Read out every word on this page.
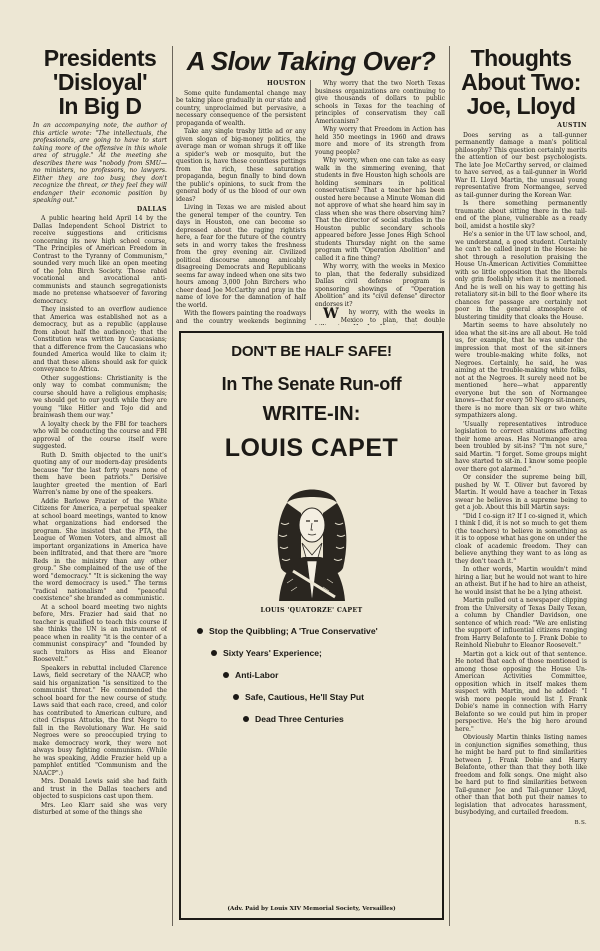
Presidents
'Disloyal'
In Big D
A Slow Taking Over?	Thoughts
About Two:
Joe, Lloyd

In an accompanying note, the author of this article wrote: "The intellectuals, the professionals, are going to have to start taking more of the offensive in this whole area of struggle." At the meeting she describes there was "nobody from SMU—no ministers, no professors, no lawyers. Either they are too busy, they don't recognize the threat, or they feel they will endanger their economic position by speaking out."

DALLAS

A public hearing held April 14 by the Dallas Independent School District to receive suggestions and criticisms concerning its new high school course, "The Principles of American Freedom in Contrast to the Tyranny of Communism," sounded very much like an open meeting of the John Birch Society. Those rabid vocational and avocational anti-communists and staunch segregationists made no pretense whatsoever of favoring democracy.

They insisted to an overflow audience that America was established not as a democracy, but as a republic (applause from about half the audience); that the Constitution was written by Caucasians; that a difference from the Caucasians who founded America would like to claim it; and that these aliens should ask for quick conveyance to Africa.

Other suggestions: Christianity is the only way to combat communism; the course should have a religious emphasis; we should get to our youth while they are young "like Hitler and Tojo did and brainwash them our way."

A loyalty check by the FBI for teachers who will be conducting the course and FBI approval of the course itself were suggested.

Ruth D. Smith objected to the unit's quoting any of our modern-day presidents because "for the last forty years none of them have been patriots." Derisive laughter greeted the mention of Earl Warren's name by one of the speakers.

Addie Barlowe Frazier of the White Citizens for America, a perpetual speaker at school board meetings, wanted to know what organizations had endorsed the program. She insisted that the PTA, the League of Women Voters, and almost all important organizations in America have been infiltrated, and that there are "more Reds in the ministry than any other group." She complained of the use of the word "democracy." "It is sickening the way the word democracy is used." The terms "radical nationalism" and "peaceful coexistence" she branded as communistic.

At a school board meeting two nights before, Mrs. Frazier had said that no teacher is qualified to teach this course if she thinks the UN is an instrument of peace when in reality "it is the center of a communist conspiracy" and "founded by such traitors as Hiss and Eleanor Roosevelt."

Speakers in rebuttal included Clarence Laws, field secretary of the NAACP, who said his organization "is sensitized to the communist threat." He commended the school board for the new course of study. Laws said that each race, creed, and color has contributed to American culture, and cited Crispus Attucks, the first Negro to fall in the Revolutionary War. He said Negroes were so preoccupied trying to make democracy work, they were not always busy fighting communism. (While he was speaking, Addie Frazier held up a pamphlet entitled "Communism and the NAACP".)

Mrs. Donald Lewis said she had faith and trust in the Dallas teachers and objected to suspicions cast upon them.

Mrs. Leo Klarr said she was very disturbed at some of the things she

HOUSTON

Some quite fundamental change may be taking place gradually in our state and country, unproclaimed but pervasive, a necessary consequence of the persistent propaganda of wealth.

Take any single trashy little ad or any given slogan of big-money politics, the average man or woman shrugs it off like a spider's web or mosquito, but the question is, have these countless pettings from the rich, these saturation propaganda, begun finally to bind down the public's opinions, to suck from the general body of us the blood of our own ideas?

Living in Texas we are misled about the general temper of the country. Ten days in Houston, one can become so depressed about the raging rightists here, a fear for the future of the country sets in and worry takes the freshness from the grey evening air. Civilized political discourse among amicably disagreeing Democrats and Republicans seems far away indeed when one sits two hours among 3,000 John Birchers who cheer dead Joe McCarthy and pray in the name of love for the damnation of half the world.

With the flowers painting the roadways and the country weekends beginning

Why worry that the two North Texas business organizations are continuing to give thousands of dollars to public schools in Texas for the teaching of principles of conservatism they call Americanism?

Why worry that Freedom in Action has held 350 meetings in 1960 and draws more and more of its strength from young people?

Why worry, when one can take as easy walk in the simmering evening, that students in five Houston high schools are holding seminars in political conservatism? That a teacher has been ousted here because a Minute Woman did not approve of what she heard him say in class when she was there observing him? That the director of social studies in the Houston public secondary schools appeared before Jesse Jones High School students Thursday night on the same program with "Operation Abolition" and called it a fine thing?

Why worry, with the weeks in Mexico to plan, that the federally subsidized Dallas civil defense program is sponsoring showings of "Operation Abolition" and its "civil defense" director endorses it?

Why worry, with the weeks in Mexico to plan, that double

AUSTIN

Does serving as a tall-gunner permanently damage a man's political philosophy? This question certainly merits the attention of our best psychologists. The late Joe McCarthy served, or claimed to have served, as a tail-gunner in World War II. Lloyd Martin, the unusual young representative from Normangee, served as tail-gunner during the Korean War.

Is there something permanently traumatic about sitting there in the tail-end of the plane, vulnerable as a ready boil, amidst a hostile sky?

He's a senior in the UT law school, and, we understand, a good student. Certainly he can't be called inept in the House: he shot through a resolution praising the House Un-American Activities Committee with so little opposition that the liberals only grin foolishly when it is mentioned. And he is well on his way to getting his retaliatory sit-in bill to the floor where its chances for passage are certainly not poor in the general atmosphere of blustering timidity that cloaks the House.

Martin seems to have absolutely no idea what the sit-ins are all about. He told us, for example, that he was under the impression that most of the sit-inners were trouble-making white folks, not Negroes. Certainly, he said, he was aiming at the trouble-making white folks, not at the Negroes. It surely need not be mentioned here—what apparently everyone but the son of Normangee knows—that for every 50 Negro sit-inners, there is no more than six or two white sympathizers along.

'Usually representatives introduce legislation to correct situations affecting their home areas. Has Normangee area been troubled by sit-ins? "I'm not sure," said Martin. "I forget. Some groups might have started to sit-in. I know some people over there got alarmed."

Or consider the supreme being bill, pushed by W. T. Oliver but favored by Martin. It would have a teacher in Texas swear he believes in a supreme being to get a job. About this bill Martin says:

"Did I co-sign it? If I co-signed it, which I think I did, it is not so much to get them (the teachers) to believe in something as it is to oppose what has gone on under the cloak of academic freedom. They can believe anything they want to as long as they don't teach it."

In other words, Martin wouldn't mind hiring a liar, but he would not want to hire an atheist. But if he had to hire an atheist, he would insist that he be a lying atheist.

Martin pulled out a newspaper clipping from the University of Texas Daily Texan, a column by Chandler Davidson, one sentence of which read: "We are enlisting the support of influential citizens ranging from Harry Belafonte to J. Frank Dobie to Reinhold Niebuhr to Eleanor Roosevelt."

Martin got a kick out of that sentence. He noted that each of those mentioned is among those opposing the House Un-American Activities Committee, opposition which in itself makes them suspect with Martin, and he added: "I wish more people would list J. Frank Dobie's name in connection with Harry Belafonte so we could put him in proper perspective. He's the big hero around here."

Obviously Martin thinks listing names in conjunction signifies something, thus he might be hard put to find similarities between J. Frank Dobie and Harry Belafonte, other than that they both like freedom and folk songs. One might also be hard put to find similarities between Tail-gunner Joe and Tail-gunner Lloyd, other than that both put their names to legislation that advocates harassment, busybodying, and curtailed freedom.

B.S.
DON'T BE HALF SAFE!
In The Senate Run-off
WRITE-IN:
LOUIS CAPET
LOUIS 'QUATORZE' CAPET
Stop the Quibbling; A 'True Conservative'
Sixty Years' Experience;
Anti-Labor
Safe, Cautious, He'll Stay Put
Dead Three Centuries
(Adv. Paid by Louis XIV Memorial Society, Versailles)
